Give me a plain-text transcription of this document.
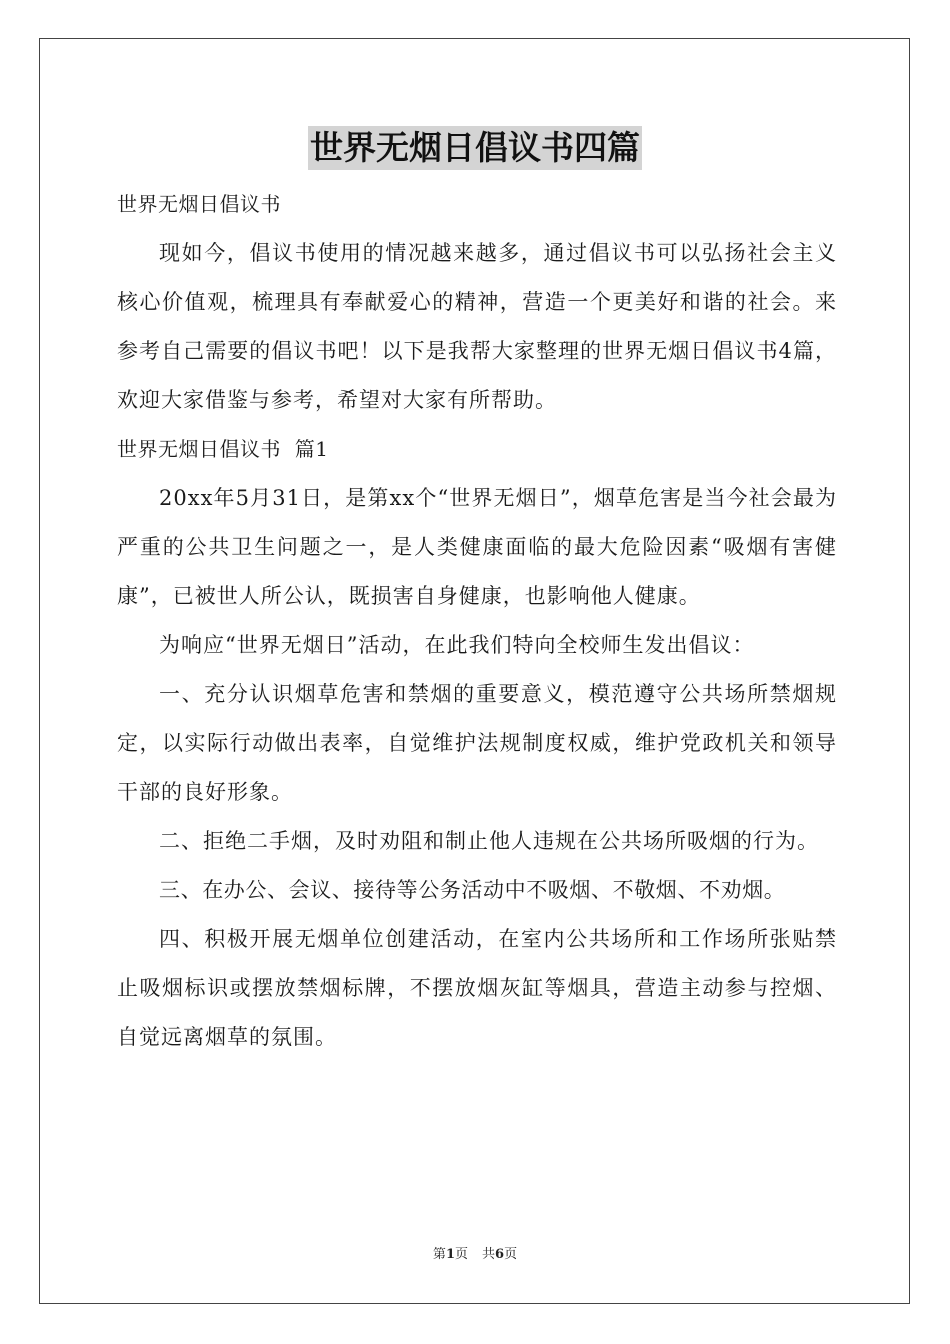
世界无烟日倡议书四篇

世界无烟日倡议书

现如今，倡议书使用的情况越来越多，通过倡议书可以弘扬社会主义核心价值观，梳理具有奉献爱心的精神，营造一个更美好和谐的社会。来参考自己需要的倡议书吧！以下是我帮大家整理的世界无烟日倡议书4篇，欢迎大家借鉴与参考，希望对大家有所帮助。

世界无烟日倡议书  篇1

20xx年5月31日，是第xx个“世界无烟日”，烟草危害是当今社会最为严重的公共卫生问题之一，是人类健康面临的最大危险因素“吸烟有害健康”，已被世人所公认，既损害自身健康，也影响他人健康。

为响应“世界无烟日”活动，在此我们特向全校师生发出倡议：

一、充分认识烟草危害和禁烟的重要意义，模范遵守公共场所禁烟规定，以实际行动做出表率，自觉维护法规制度权威，维护党政机关和领导干部的良好形象。

二、拒绝二手烟，及时劝阻和制止他人违规在公共场所吸烟的行为。

三、在办公、会议、接待等公务活动中不吸烟、不敬烟、不劝烟。

四、积极开展无烟单位创建活动，在室内公共场所和工作场所张贴禁止吸烟标识或摆放禁烟标牌，不摆放烟灰缸等烟具，营造主动参与控烟、自觉远离烟草的氛围。

第1页 共6页
